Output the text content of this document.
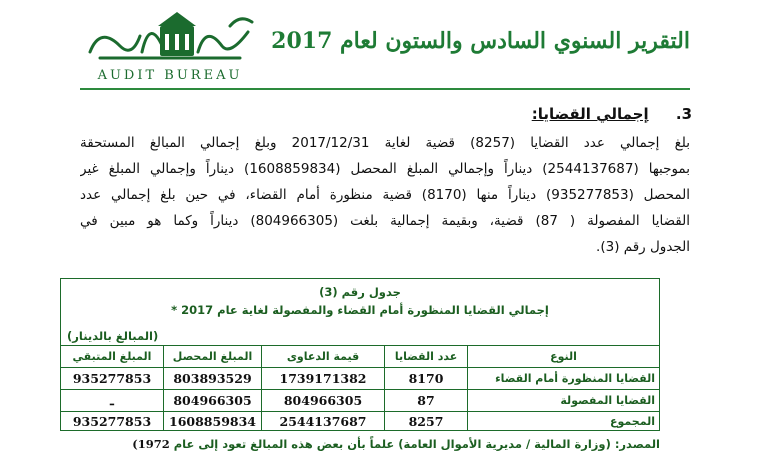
AUDIT BUREAU
التقرير السنوي السادس والستون لعام 2017
3. إجمالي القضايا:
بلغ إجمالي عدد القضايا (8257) قضية لغاية 2017/12/31 وبلغ إجمالي المبالغ المستحقة
بموجبها (2544137687) ديناراً وإجمالي المبلغ المحصل (1608859834) ديناراً وإجمالي المبلغ غير
المحصل (935277853) ديناراً منها (8170) قضية منظورة أمام القضاء، في حين بلغ إجمالي عدد
القضايا المفصولة ( 87) قضية، وبقيمة إجمالية بلغت (804966305) ديناراً وكما هو مبين في
الجدول رقم (3).
جدول رقم (3)
إجمالي القضايا المنظورة أمام القضاء والمفصولة لغاية عام 2017 *
(المبالغ بالدينار)
النوع
عدد القضايا
قيمة الدعاوى
المبلغ المحصل
المبلغ المتبقي
القضايا المنظورة أمام القضاء
8170
1739171382
803893529
935277853
القضايا المفصولة
87
804966305
804966305
ـ
المجموع
8257
2544137687
1608859834
935277853
المصدر: (وزارة المالية / مديرية الأموال العامة) علماً بأن بعض هذه المبالغ تعود إلى عام 1972)
